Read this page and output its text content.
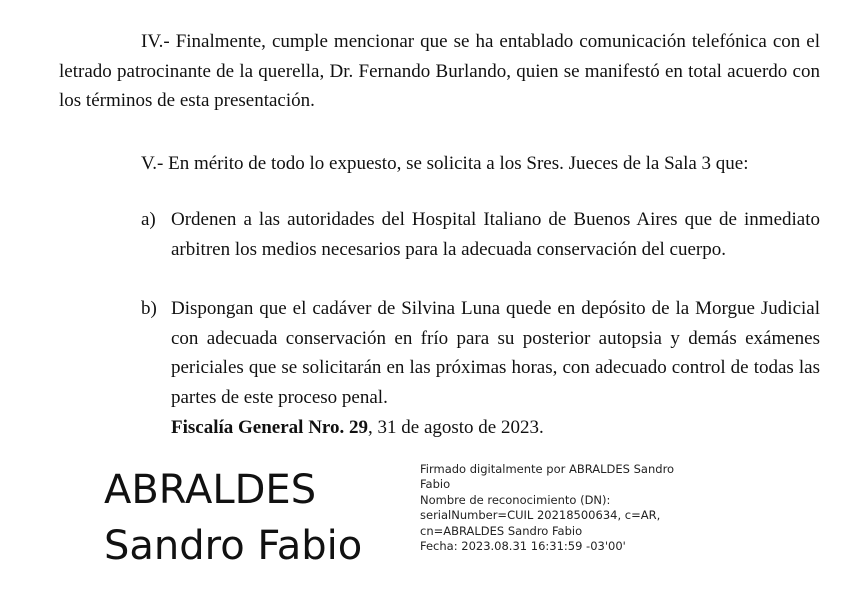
IV.- Finalmente, cumple mencionar que se ha entablado comunicación telefónica con el letrado patrocinante de la querella, Dr. Fernando Burlando, quien se manifestó en total acuerdo con los términos de esta presentación.

V.- En mérito de todo lo expuesto, se solicita a los Sres. Jueces de la Sala 3 que:

a) Ordenen a las autoridades del Hospital Italiano de Buenos Aires que de inmediato arbitren los medios necesarios para la adecuada conservación del cuerpo.
b) Dispongan que el cadáver de Silvina Luna quede en depósito de la Morgue Judicial con adecuada conservación en frío para su posterior autopsia y demás exámenes periciales que se solicitarán en las próximas horas, con adecuado control de todas las partes de este proceso penal.

Fiscalía General Nro. 29, 31 de agosto de 2023.

ABRALDES
Sandro Fabio
Firmado digitalmente por ABRALDES Sandro
Fabio
Nombre de reconocimiento (DN):
serialNumber=CUIL 20218500634, c=AR,
cn=ABRALDES Sandro Fabio
Fecha: 2023.08.31 16:31:59 -03'00'
